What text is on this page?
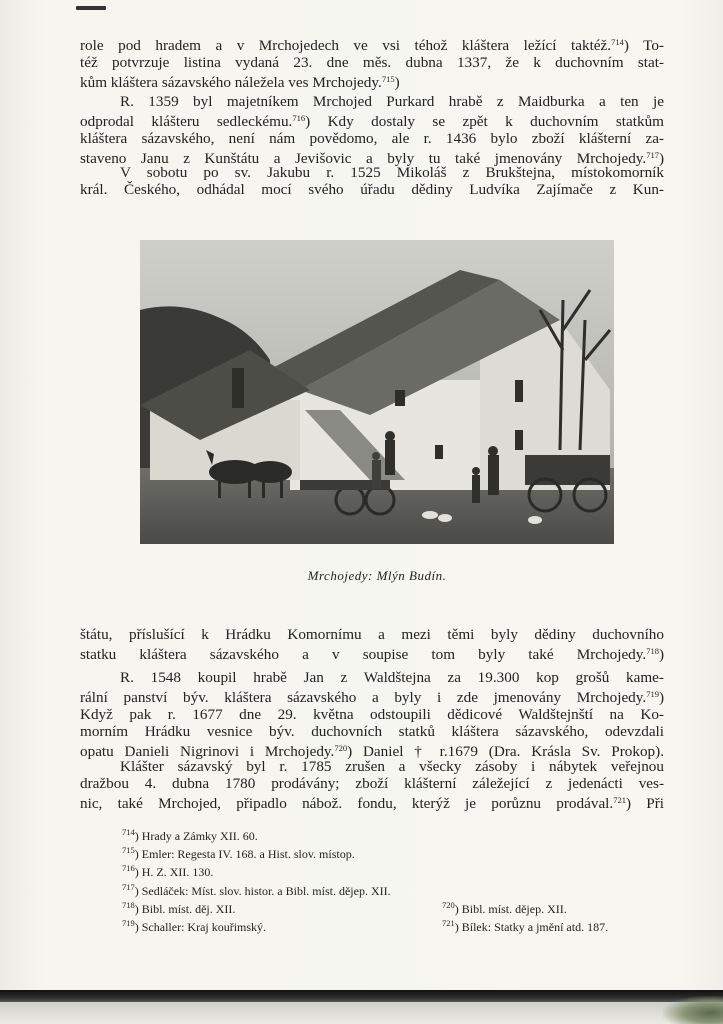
role pod hradem a v Mrchojedech ve vsi téhož kláštera ležící taktéž.$^{714}$) To-
též potvrzuje listina vydaná 23. dne měs. dubna 1337, že k duchovním stat-
kům kláštera sázavského náležela ves Mrchojedy.$^{715}$)

R. 1359 byl majetníkem Mrchojed Purkard hrabě z Maidburka a ten je
odprodal klášteru sedleckému.$^{716}$) Kdy dostaly se zpět k duchovním statkům
kláštera sázavského, není nám povědomo, ale r. 1436 bylo zboží klášterní za-
staveno Janu z Kunštátu a Jevišovic a byly tu také jmenovány Mrchojedy.$^{717}$)

V sobotu po sv. Jakubu r. 1525 Mikoláš z Brukštejna, místokomorník
král. Českého, odhádal mocí svého úřadu dědiny Ludvíka Zajímače z Kun-

Mrchojedy: Mlýn Budín.

štátu, příslušící k Hrádku Komornímu a mezi těmi byly dědiny duchovního
statku kláštera sázavského a v soupise tom byly také Mrchojedy.$^{718}$)

R. 1548 koupil hrabě Jan z Waldštejna za 19.300 kop grošů kame-
rální panství býv. kláštera sázavského a byly i zde jmenovány Mrchojedy.$^{719}$)
Když pak r. 1677 dne 29. května odstoupili dědicové Waldštejnští na Ko-
morním Hrádku vesnice býv. duchovních statků kláštera sázavského, odevzdali
opatu Danieli Nigrinovi i Mrchojedy.$^{720}$) Daniel † r.1679 (Dra. Krásla Sv. Prokop).

Klášter sázavský byl r. 1785 zrušen a všecky zásoby i nábytek veřejnou
dražbou 4. dubna 1780 prodávány; zboží klášterní záležející z jedenácti ves-
nic, také Mrchojed, připadlo nábož. fondu, kterýž je porůznu prodával.$^{721}$) Při

$^{714}$) Hrady a Zámky XII. 60.
$^{715}$) Emler: Regesta IV. 168. a Hist. slov. místop.
$^{716}$) H. Z. XII. 130.
$^{717}$) Sedláček: Míst. slov. histor. a Bibl. míst. dějep. XII.
$^{718}$) Bibl. míst. děj. XII.	$^{720}$) Bibl. míst. dějep. XII.
$^{719}$) Schaller: Kraj kouřimský.	$^{721}$) Bílek: Statky a jmění atd. 187.
